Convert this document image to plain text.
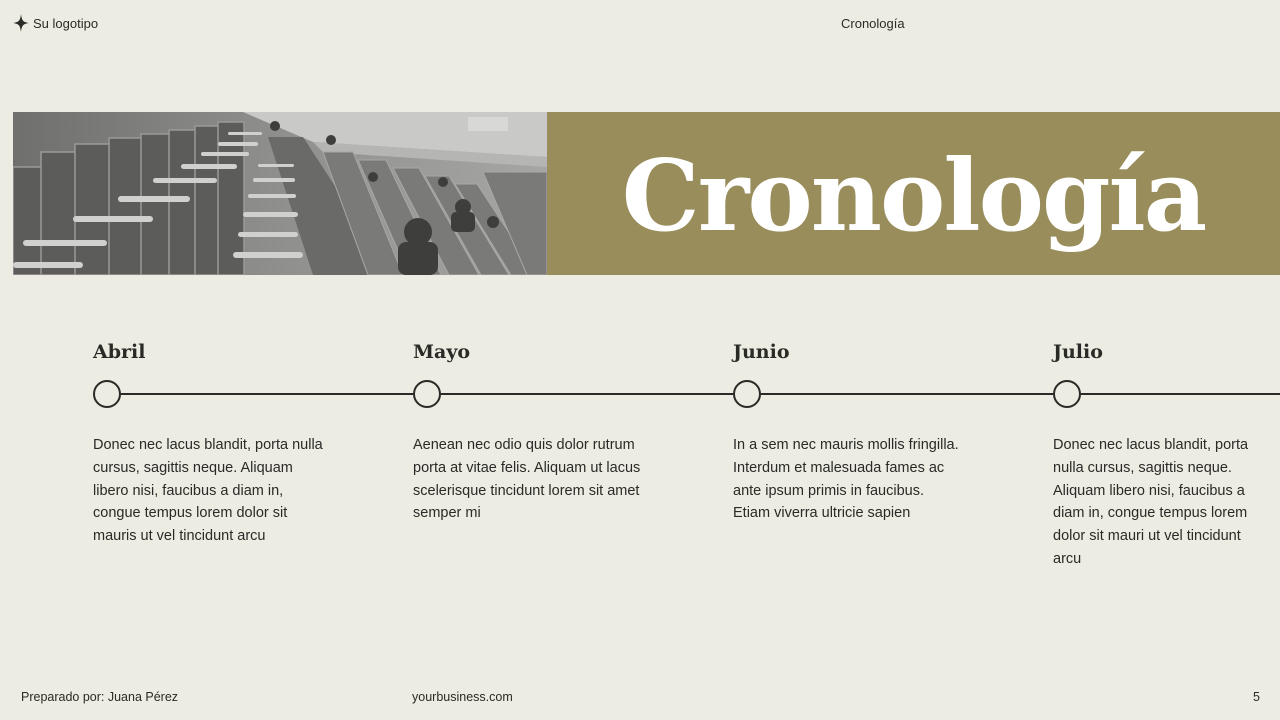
Su logotipo	Cronología
Cronología
Abril
Donec nec lacus blandit, porta nulla cursus, sagittis neque. Aliquam libero nisi, faucibus a diam in, congue tempus lorem dolor sit mauris ut vel tincidunt arcu
Mayo
Aenean nec odio quis dolor rutrum porta at vitae felis. Aliquam ut lacus scelerisque tincidunt lorem sit amet semper mi
Junio
In a sem nec mauris mollis fringilla. Interdum et malesuada fames ac ante ipsum primis in faucibus. Etiam viverra ultricie sapien
Julio
Donec nec lacus blandit, porta nulla cursus, sagittis neque. Aliquam libero nisi, faucibus a diam in, congue tempus lorem dolor sit mauri ut vel tincidunt arcu
Preparado por: Juana Pérez	yourbusiness.com	5
